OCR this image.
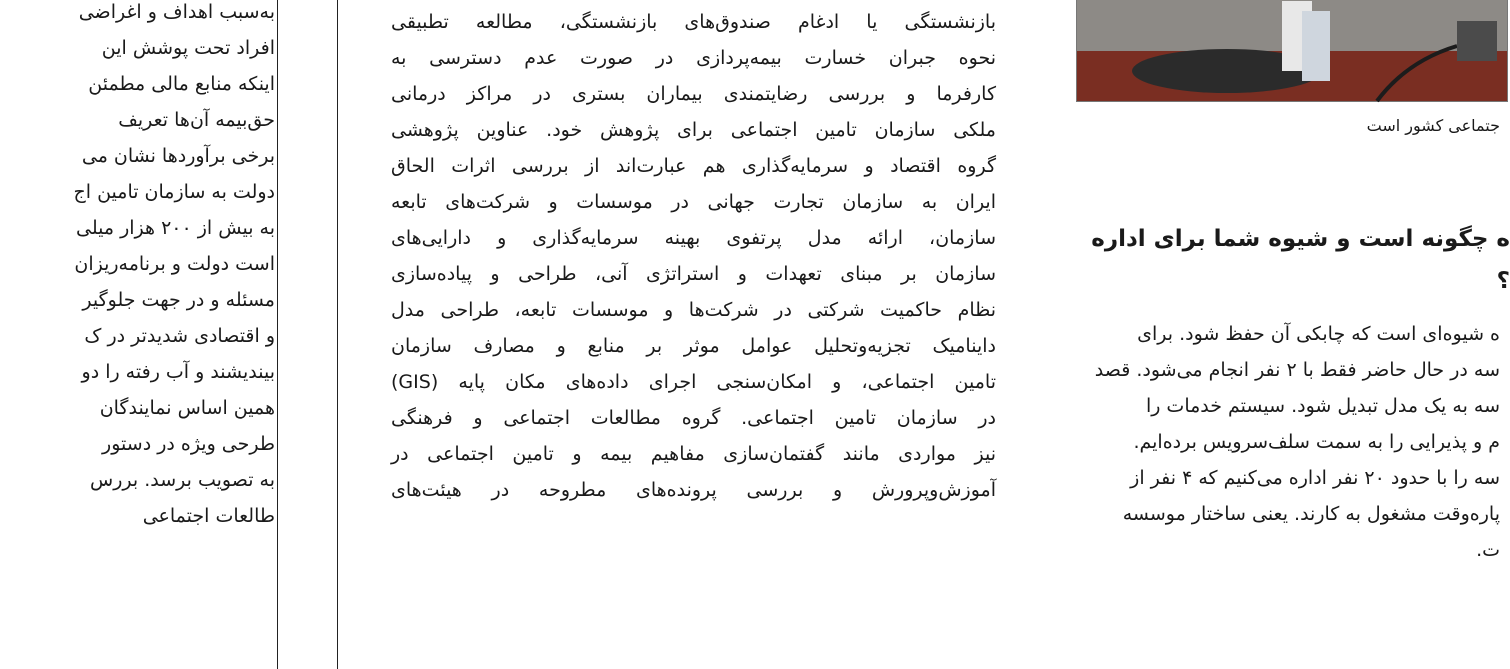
به‌سبب اهداف و اغراضی
افراد تحت پوشش این
اینکه منابع مالی مطمئن
حق‌بیمه آن‌ها تعریف
برخی برآوردها نشان می
دولت به سازمان تامین اج
به بیش از ۲۰۰ هزار میلی
است دولت و برنامه‌ریزان
مسئله و در جهت جلوگیر
و اقتصادی شدیدتر در ک
بیندیشند و آب رفته را دو
همین اساس نمایندگان
طرحی ویژه در دستور
به تصویب برسد. بررس
طالعات اجتماعی
بازنشستگی یا ادغام صندوق‌های بازنشستگی، مطالعه تطبیقی
نحوه جبران خسارت بیمه‌پردازی در صورت عدم دسترسی به
کارفرما و بررسی رضایتمندی بیماران بستری در مراکز درمانی
ملکی سازمان تامین اجتماعی برای پژوهش خود. عناوین پژوهشی
گروه اقتصاد و سرمایه‌گذاری هم عبارت‌اند از بررسی اثرات الحاق
ایران به سازمان تجارت جهانی در موسسات و شرکت‌های تابعه
سازمان، ارائه مدل پرتفوی بهینه سرمایه‌گذاری و دارایی‌های
سازمان بر مبنای تعهدات و استراتژی آنی، طراحی و پیاده‌سازی
نظام حاکمیت شرکتی در شرکت‌ها و موسسات تابعه، طراحی مدل
داینامیک تجزیه‌وتحلیل عوامل موثر بر منابع و مصارف سازمان
تامین اجتماعی، و امکان‌سنجی اجرای داده‌های مکان پایه (GIS)
در سازمان تامین اجتماعی. گروه مطالعات اجتماعی و فرهنگی
نیز مواردی مانند گفتمان‌سازی مفاهیم بیمه و تامین اجتماعی در
آموزش‌وپرورش و بررسی پرونده‌های مطروحه در هیئت‌های
جتماعی کشور است
ه چگونه است و شیوه شما برای اداره
؟
ه شیوه‌ای است که چابکی آن حفظ شود. برای
سه در حال حاضر فقط با ۲ نفر انجام می‌شود. قصد
سه به یک مدل تبدیل شود. سیستم خدمات را
م و پذیرایی را به سمت سلف‌سرویس برده‌ایم.
سه را با حدود ۲۰ نفر اداره می‌کنیم که ۴ نفر از
پاره‌وقت مشغول به کارند. یعنی ساختار موسسه
ت.
